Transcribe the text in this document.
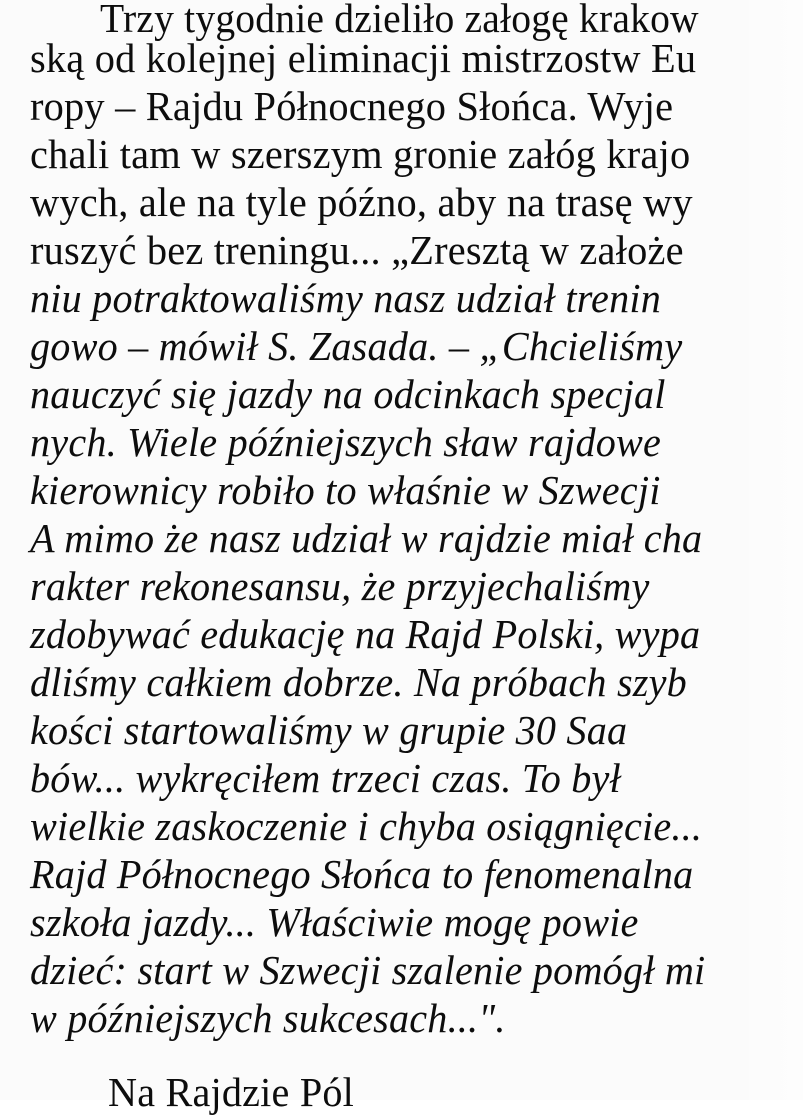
Trzy tygodnie dzieliło załogę krakow
ską od kolejnej eliminacji mistrzostw Eu
ropy – Rajdu Północnego Słońca. Wyje
chali tam w szerszym gronie załóg krajo
wych, ale na tyle późno, aby na trasę wy
ruszyć bez treningu... „Zresztą w założe
niu potraktowaliśmy nasz udział trenin
gowo – mówił S. Zasada. – „Chcieliśmy
nauczyć się jazdy na odcinkach specjal
nych. Wiele późniejszych sław rajdowe
kierownicy robiło to właśnie w Szwecji
A mimo że nasz udział w rajdzie miał cha
rakter rekonesansu, że przyjechaliśmy
zdobywać edukację na Rajd Polski, wypa
dliśmy całkiem dobrze. Na próbach szyb
kości startowaliśmy w grupie 30 Saa
bów... wykręciłem trzeci czas. To był
wielkie zaskoczenie i chyba osiągnięcie...
Rajd Północnego Słońca to fenomenalna
szkoła jazdy... Właściwie mogę powie
dzieć: start w Szwecji szalenie pomógł mi
w późniejszych sukcesach...".
Na Rajdzie Pól
